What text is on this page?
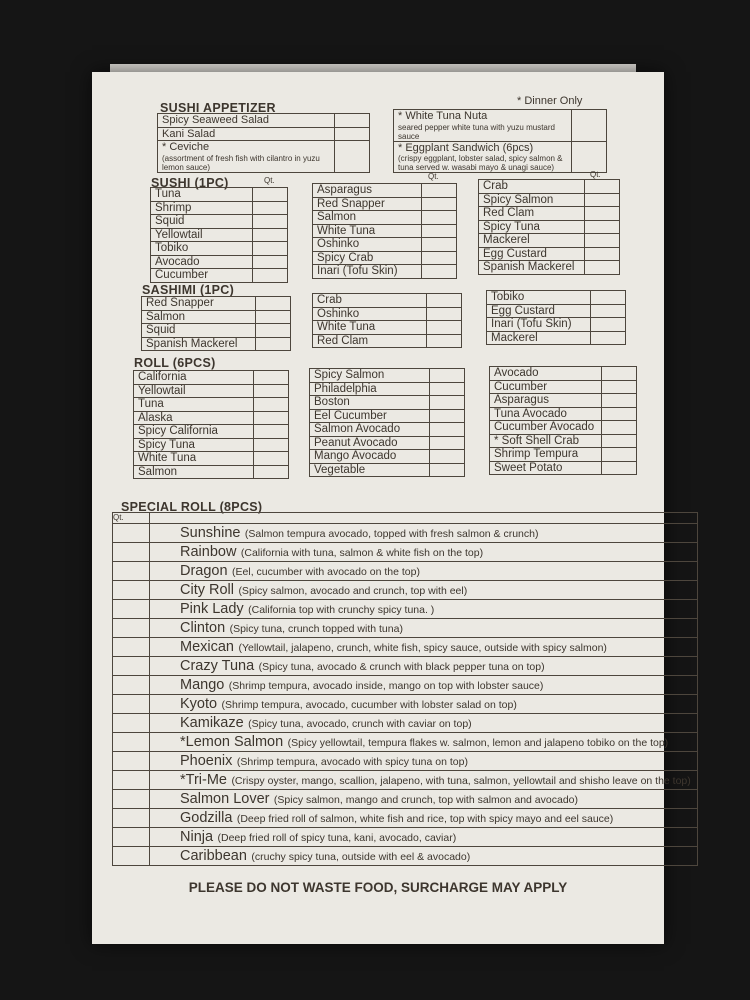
SUSHI APPETIZER	* Dinner Only
Spicy Seaweed Salad	
Kani Salad	
* Ceviche
(assortment of fresh fish with cilantro in yuzu lemon sauce)	

* White Tuna Nuta
seared pepper white tuna with yuzu mustard sauce	

* Eggplant Sandwich (6pcs)
(crispy eggplant, lobster salad, spicy salmon & tuna served w. wasabi mayo & unagi sauce)	

SUSHI (1PC)
Tuna	
Shrimp	
Squid	
Yellowtail	
Tobiko	
Avocado	
Cucumber	
Asparagus	
Red Snapper	
Salmon	
White Tuna	
Oshinko	
Spicy Crab	
Inari (Tofu Skin)	
Crab	
Spicy Salmon	
Red Clam	
Spicy Tuna	
Mackerel	
Egg Custard	
Spanish Mackerel	
Qt.	Qt.	Qt.
SASHIMI (1PC)
Red Snapper	
Salmon	
Squid	
Spanish Mackerel	
Crab	
Oshinko	
White Tuna	
Red Clam	
Tobiko	
Egg Custard	
Inari (Tofu Skin)	
Mackerel	
ROLL (6PCS)
California	
Yellowtail	
Tuna	
Alaska	
Spicy California	
Spicy Tuna	
White Tuna	
Salmon	
Spicy Salmon	
Philadelphia	
Boston	
Eel Cucumber	
Salmon Avocado	
Peanut Avocado	
Mango Avocado	
Vegetable	
Avocado	
Cucumber	
Asparagus	
Tuna Avocado	
Cucumber Avocado	
* Soft Shell Crab	
Shrimp Tempura	
Sweet Potato	
SPECIAL ROLL (8PCS)
Qt.	
	Sunshine (Salmon tempura avocado, topped with fresh salmon & crunch)
	Rainbow (California with tuna, salmon & white fish on the top)
	Dragon (Eel, cucumber with avocado on the top)
	City Roll (Spicy salmon, avocado and crunch, top with eel)
	Pink Lady (California top with crunchy spicy tuna. )
	Clinton (Spicy tuna, crunch topped with tuna)
	Mexican (Yellowtail, jalapeno, crunch, white fish, spicy sauce, outside with spicy salmon)
	Crazy Tuna (Spicy tuna, avocado & crunch with black pepper tuna on top)
	Mango (Shrimp tempura, avocado inside, mango on top with lobster sauce)
	Kyoto (Shrimp tempura, avocado, cucumber with lobster salad on top)
	Kamikaze (Spicy tuna, avocado, crunch with caviar on top)
	*Lemon Salmon (Spicy yellowtail, tempura flakes w. salmon, lemon and jalapeno tobiko on the top)
	Phoenix (Shrimp tempura, avocado with spicy tuna on top)
	*Tri-Me (Crispy oyster, mango, scallion, jalapeno, with tuna, salmon, yellowtail and shisho leave on the top)
	Salmon Lover (Spicy salmon, mango and crunch, top with salmon and avocado)
	Godzilla (Deep fried roll of salmon, white fish and rice, top with spicy mayo and eel sauce)
	Ninja (Deep fried roll of spicy tuna, kani, avocado, caviar)
	Caribbean (cruchy spicy tuna, outside with eel & avocado)
PLEASE DO NOT WASTE FOOD, SURCHARGE MAY APPLY
